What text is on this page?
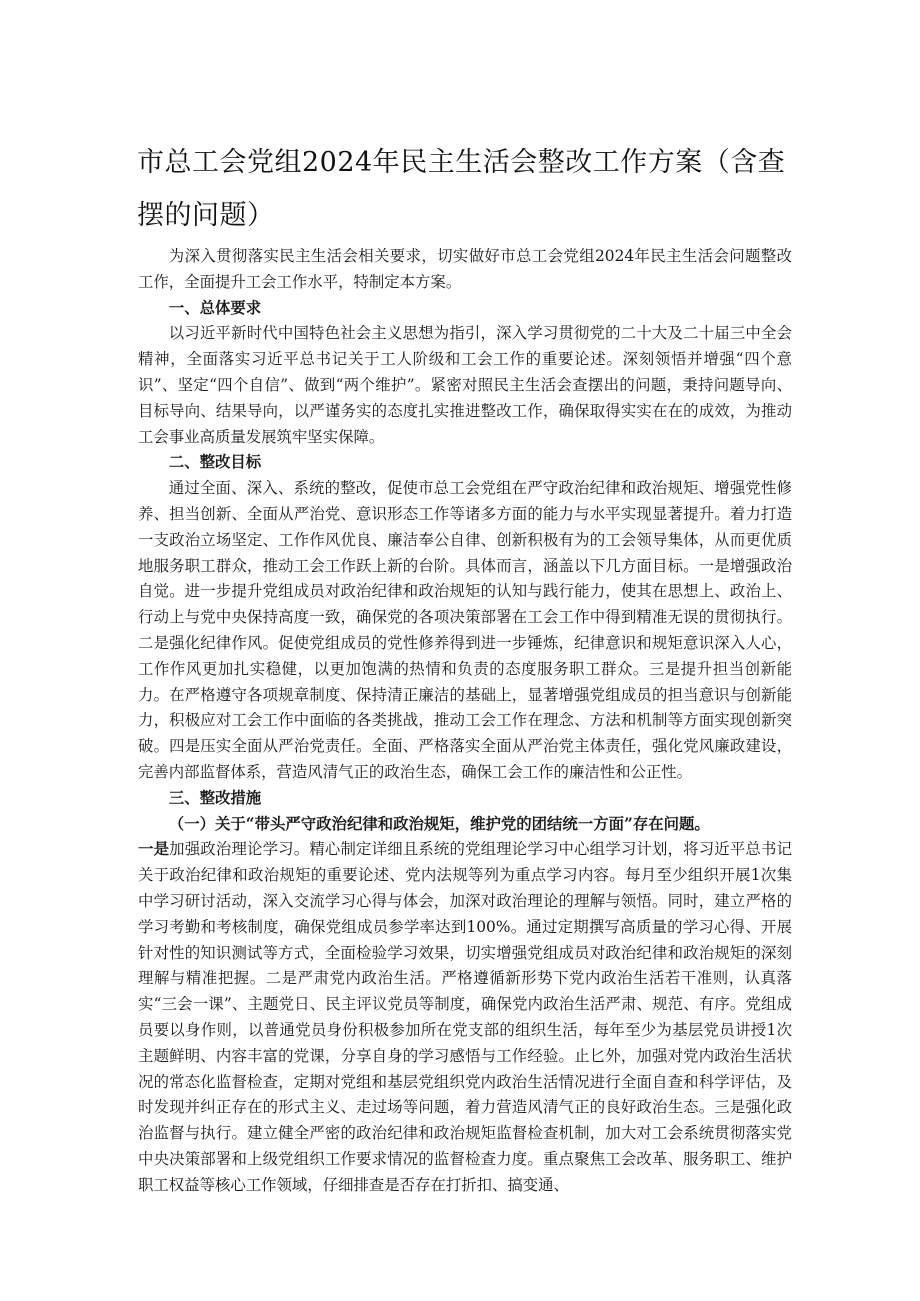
市总工会党组2024年民主生活会整改工作方案（含查摆的问题）

为深入贯彻落实民主生活会相关要求，切实做好市总工会党组2024年民主生活会问题整改工作，全面提升工会工作水平，特制定本方案。

一、总体要求

以习近平新时代中国特色社会主义思想为指引，深入学习贯彻党的二十大及二十届三中全会精神，全面落实习近平总书记关于工人阶级和工会工作的重要论述。深刻领悟并增强“四个意识”、坚定“四个自信”、做到“两个维护”。紧密对照民主生活会查摆出的问题，秉持问题导向、目标导向、结果导向，以严谨务实的态度扎实推进整改工作，确保取得实实在在的成效，为推动工会事业高质量发展筑牢坚实保障。

二、整改目标

通过全面、深入、系统的整改，促使市总工会党组在严守政治纪律和政治规矩、增强党性修养、担当创新、全面从严治党、意识形态工作等诸多方面的能力与水平实现显著提升。着力打造一支政治立场坚定、工作作风优良、廉洁奉公自律、创新积极有为的工会领导集体，从而更优质地服务职工群众，推动工会工作跃上新的台阶。具体而言，涵盖以下几方面目标。一是增强政治自觉。进一步提升党组成员对政治纪律和政治规矩的认知与践行能力，使其在思想上、政治上、行动上与党中央保持高度一致，确保党的各项决策部署在工会工作中得到精准无误的贯彻执行。二是强化纪律作风。促使党组成员的党性修养得到进一步锤炼，纪律意识和规矩意识深入人心，工作作风更加扎实稳健，以更加饱满的热情和负责的态度服务职工群众。三是提升担当创新能力。在严格遵守各项规章制度、保持清正廉洁的基础上，显著增强党组成员的担当意识与创新能力，积极应对工会工作中面临的各类挑战，推动工会工作在理念、方法和机制等方面实现创新突破。四是压实全面从严治党责任。全面、严格落实全面从严治党主体责任，强化党风廉政建设，完善内部监督体系，营造风清气正的政治生态，确保工会工作的廉洁性和公正性。

三、整改措施

（一）关于“带头严守政治纪律和政治规矩，维护党的团结统一方面”存在问题。

一是加强政治理论学习。精心制定详细且系统的党组理论学习中心组学习计划，将习近平总书记关于政治纪律和政治规矩的重要论述、党内法规等列为重点学习内容。每月至少组织开展1次集中学习研讨活动，深入交流学习心得与体会，加深对政治理论的理解与领悟。同时，建立严格的学习考勤和考核制度，确保党组成员参学率达到100%。通过定期撰写高质量的学习心得、开展针对性的知识测试等方式，全面检验学习效果，切实增强党组成员对政治纪律和政治规矩的深刻理解与精准把握。二是严肃党内政治生活。严格遵循新形势下党内政治生活若干准则，认真落实“三会一课”、主题党日、民主评议党员等制度，确保党内政治生活严肃、规范、有序。党组成员要以身作则，以普通党员身份积极参加所在党支部的组织生活，每年至少为基层党员讲授1次主题鲜明、内容丰富的党课，分享自身的学习感悟与工作经验。止匕外，加强对党内政治生活状况的常态化监督检查，定期对党组和基层党组织党内政治生活情况进行全面自查和科学评估，及时发现并纠正存在的形式主义、走过场等问题，着力营造风清气正的良好政治生态。三是强化政治监督与执行。建立健全严密的政治纪律和政治规矩监督检查机制，加大对工会系统贯彻落实党中央决策部署和上级党组织工作要求情况的监督检查力度。重点聚焦工会改革、服务职工、维护职工权益等核心工作领域，仔细排查是否存在打折扣、搞变通、
